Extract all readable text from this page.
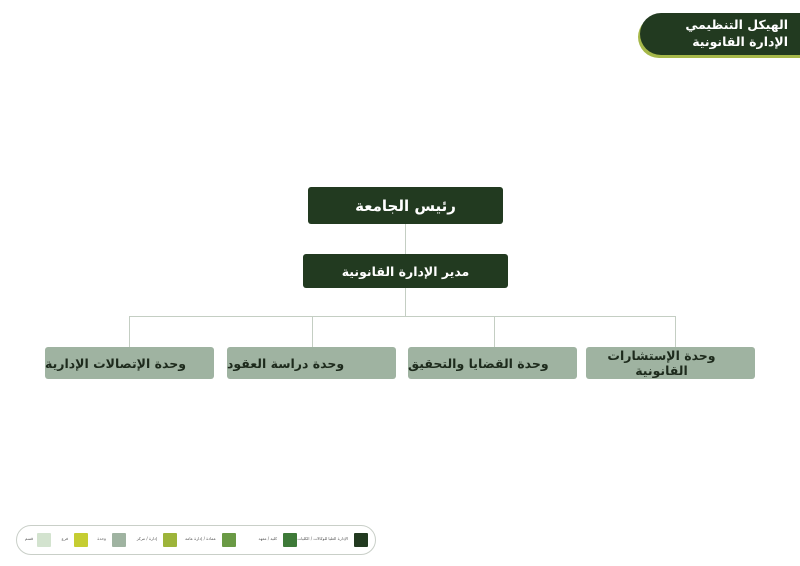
الهيكل التنظيمي
الإدارة القانونية
رئيس الجامعة
مدير الإدارة القانونية
وحدة الإستشارات القانونية
وحدة القضايا والتحقيق
وحدة دراسة العقود
وحدة الإتصالات الإدارية
الإدارة العليا للوكالات / الكليات
كلية / معهد
عمادة / إدارة عامة
إدارة / مركز
وحدة
فرع
قسم
